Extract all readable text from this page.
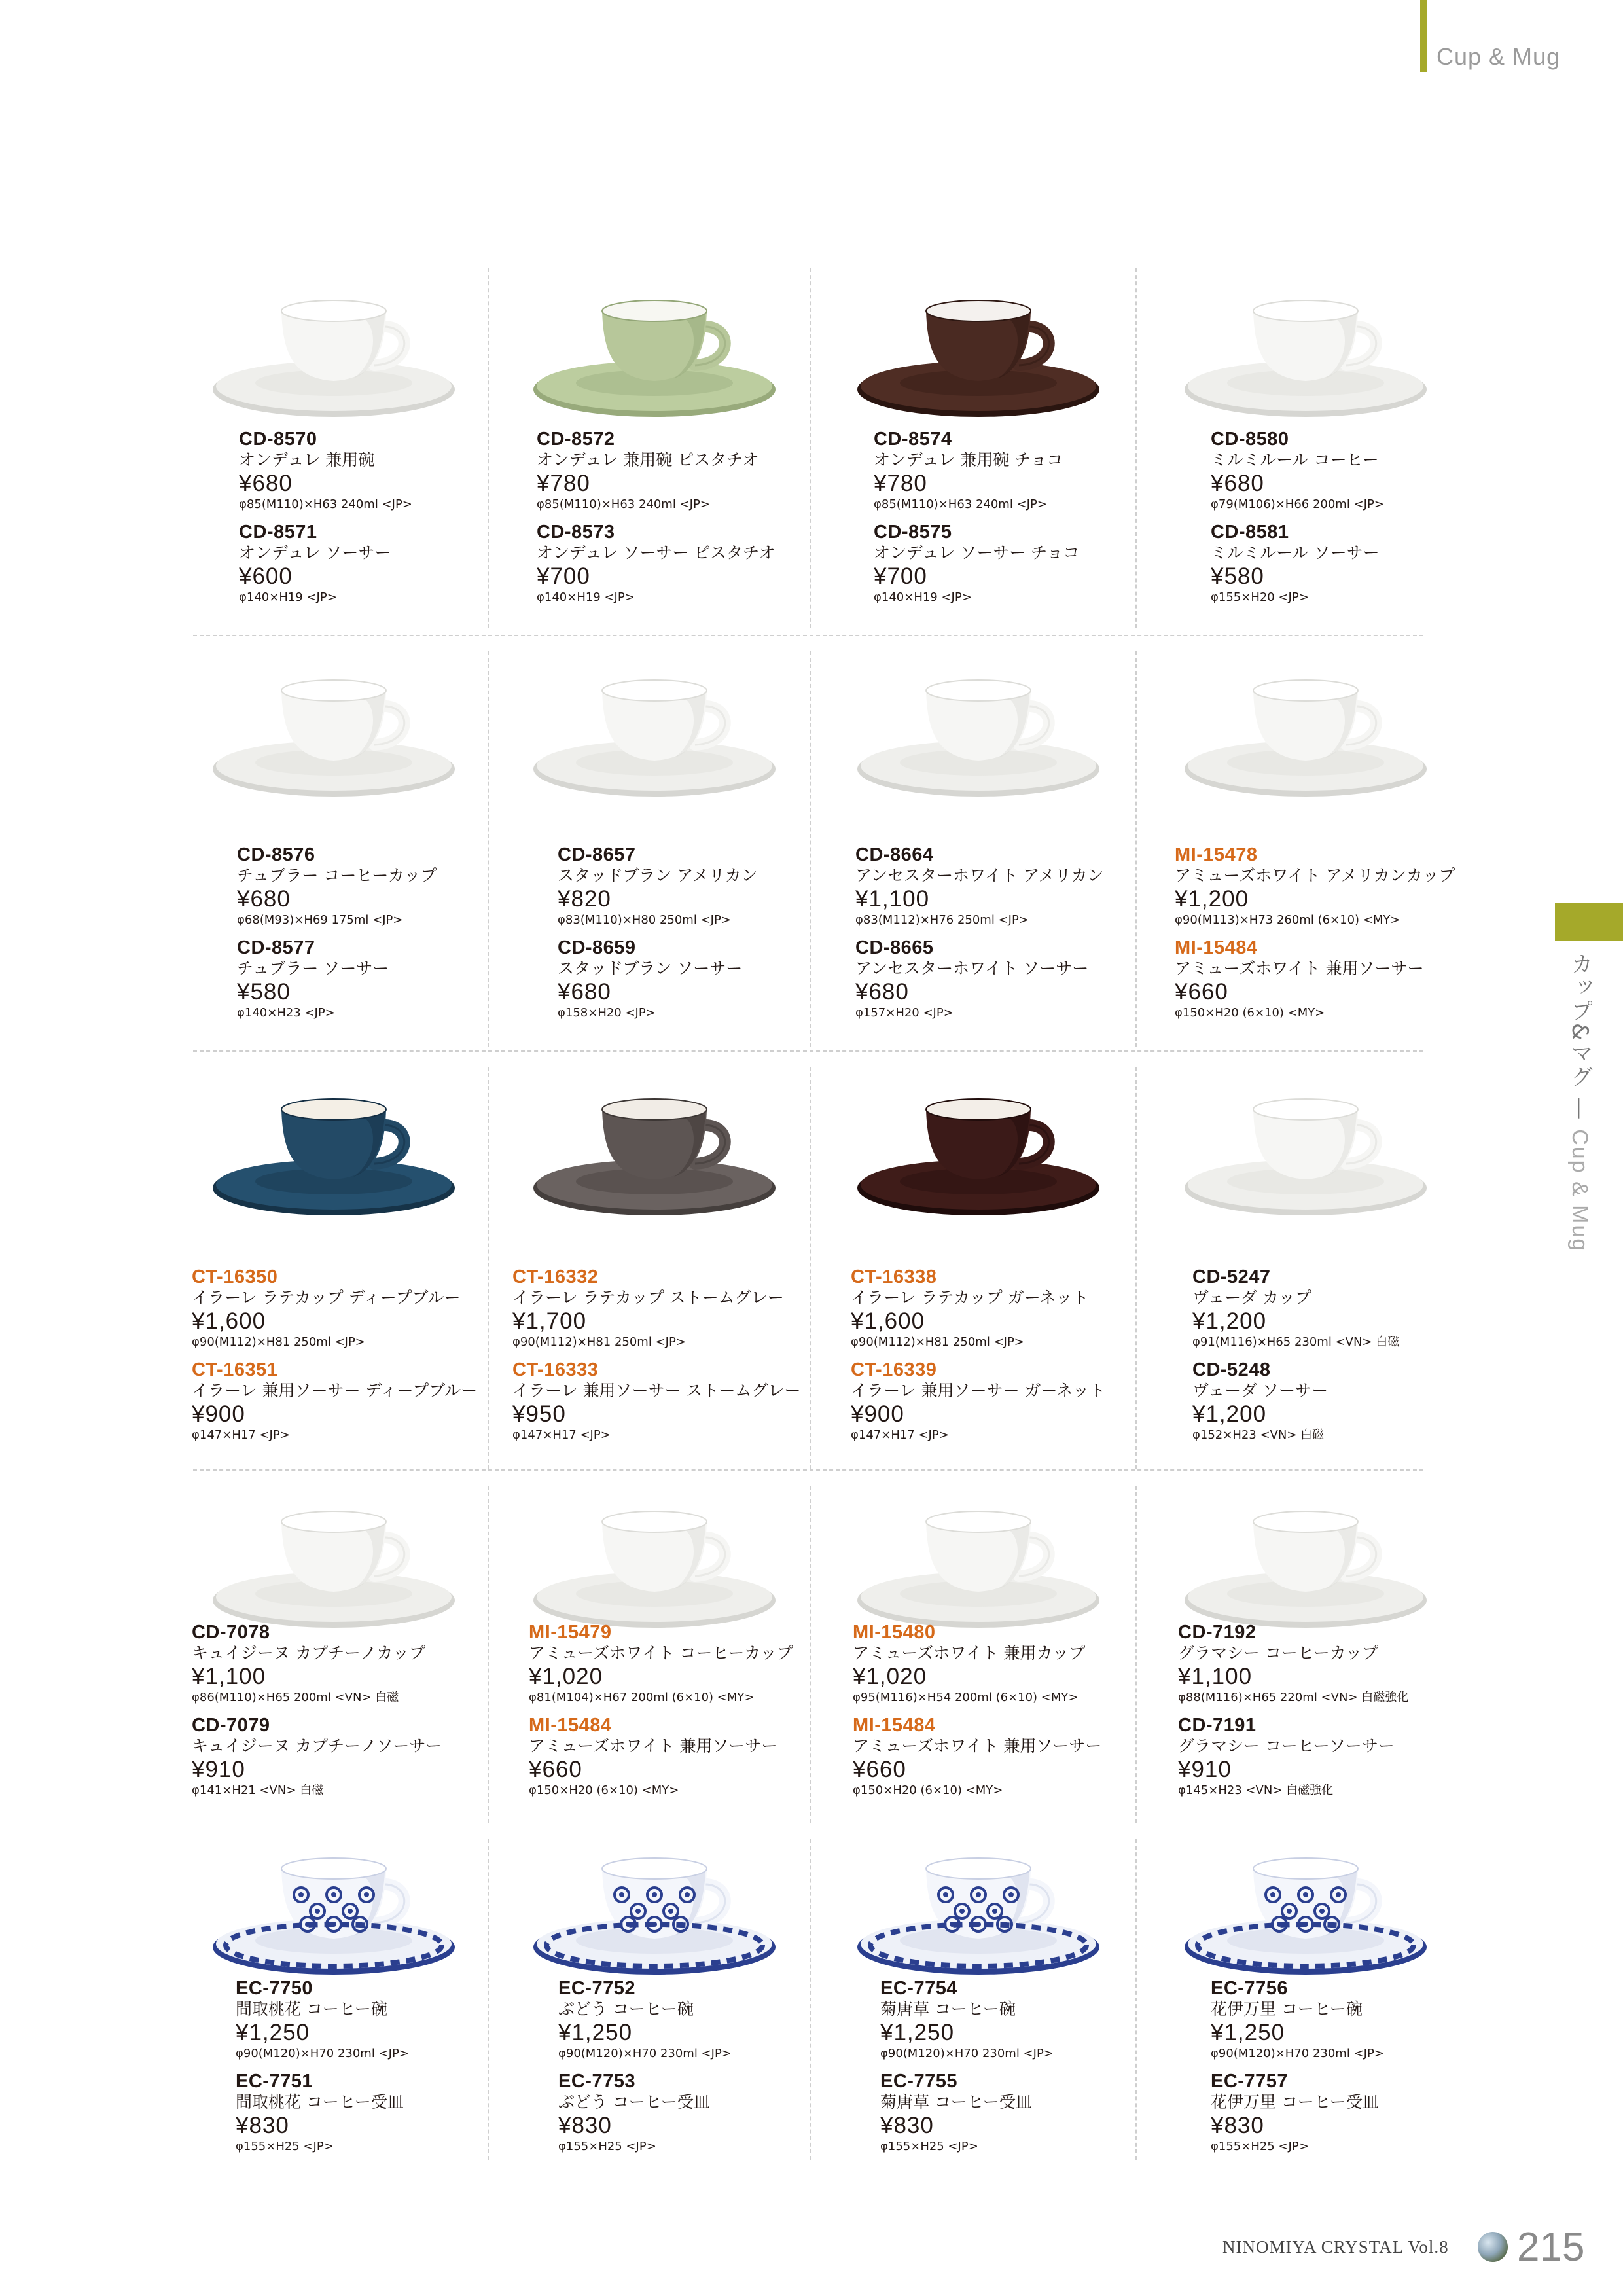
Cup & Mug
カップ&マグ — Cup & Mug
CD-8570
オンデュレ 兼用碗
¥680
φ85(M110)×H63 240ml <JP>
CD-8571
オンデュレ ソーサー
¥600
φ140×H19 <JP>
CD-8572
オンデュレ 兼用碗 ピスタチオ
¥780
φ85(M110)×H63 240ml <JP>
CD-8573
オンデュレ ソーサー ピスタチオ
¥700
φ140×H19 <JP>
CD-8574
オンデュレ 兼用碗 チョコ
¥780
φ85(M110)×H63 240ml <JP>
CD-8575
オンデュレ ソーサー チョコ
¥700
φ140×H19 <JP>
CD-8580
ミルミルール コーヒー
¥680
φ79(M106)×H66 200ml <JP>
CD-8581
ミルミルール ソーサー
¥580
φ155×H20 <JP>
CD-8576
チュブラー コーヒーカップ
¥680
φ68(M93)×H69 175ml <JP>
CD-8577
チュブラー ソーサー
¥580
φ140×H23 <JP>
CD-8657
スタッドブラン アメリカン
¥820
φ83(M110)×H80 250ml <JP>
CD-8659
スタッドブラン ソーサー
¥680
φ158×H20 <JP>
CD-8664
アンセスターホワイト アメリカン
¥1,100
φ83(M112)×H76 250ml <JP>
CD-8665
アンセスターホワイト ソーサー
¥680
φ157×H20 <JP>
MI-15478
アミューズホワイト アメリカンカップ
¥1,200
φ90(M113)×H73 260ml (6×10) <MY>
MI-15484
アミューズホワイト 兼用ソーサー
¥660
φ150×H20 (6×10) <MY>
CT-16350
イラーレ ラテカップ ディープブルー
¥1,600
φ90(M112)×H81 250ml <JP>
CT-16351
イラーレ 兼用ソーサー ディープブルー
¥900
φ147×H17 <JP>
CT-16332
イラーレ ラテカップ ストームグレー
¥1,700
φ90(M112)×H81 250ml <JP>
CT-16333
イラーレ 兼用ソーサー ストームグレー
¥950
φ147×H17 <JP>
CT-16338
イラーレ ラテカップ ガーネット
¥1,600
φ90(M112)×H81 250ml <JP>
CT-16339
イラーレ 兼用ソーサー ガーネット
¥900
φ147×H17 <JP>
CD-5247
ヴェーダ カップ
¥1,200
φ91(M116)×H65 230ml <VN> 白磁
CD-5248
ヴェーダ ソーサー
¥1,200
φ152×H23 <VN> 白磁
CD-7078
キュイジーヌ カプチーノカップ
¥1,100
φ86(M110)×H65 200ml <VN> 白磁
CD-7079
キュイジーヌ カプチーノソーサー
¥910
φ141×H21 <VN> 白磁
MI-15479
アミューズホワイト コーヒーカップ
¥1,020
φ81(M104)×H67 200ml (6×10) <MY>
MI-15484
アミューズホワイト 兼用ソーサー
¥660
φ150×H20 (6×10) <MY>
MI-15480
アミューズホワイト 兼用カップ
¥1,020
φ95(M116)×H54 200ml (6×10) <MY>
MI-15484
アミューズホワイト 兼用ソーサー
¥660
φ150×H20 (6×10) <MY>
CD-7192
グラマシー コーヒーカップ
¥1,100
φ88(M116)×H65 220ml <VN> 白磁強化
CD-7191
グラマシー コーヒーソーサー
¥910
φ145×H23 <VN> 白磁強化
EC-7750
間取桃花 コーヒー碗
¥1,250
φ90(M120)×H70 230ml <JP>
EC-7751
間取桃花 コーヒー受皿
¥830
φ155×H25 <JP>
EC-7752
ぶどう コーヒー碗
¥1,250
φ90(M120)×H70 230ml <JP>
EC-7753
ぶどう コーヒー受皿
¥830
φ155×H25 <JP>
EC-7754
菊唐草 コーヒー碗
¥1,250
φ90(M120)×H70 230ml <JP>
EC-7755
菊唐草 コーヒー受皿
¥830
φ155×H25 <JP>
EC-7756
花伊万里 コーヒー碗
¥1,250
φ90(M120)×H70 230ml <JP>
EC-7757
花伊万里 コーヒー受皿
¥830
φ155×H25 <JP>
NINOMIYA CRYSTAL Vol.8 215
